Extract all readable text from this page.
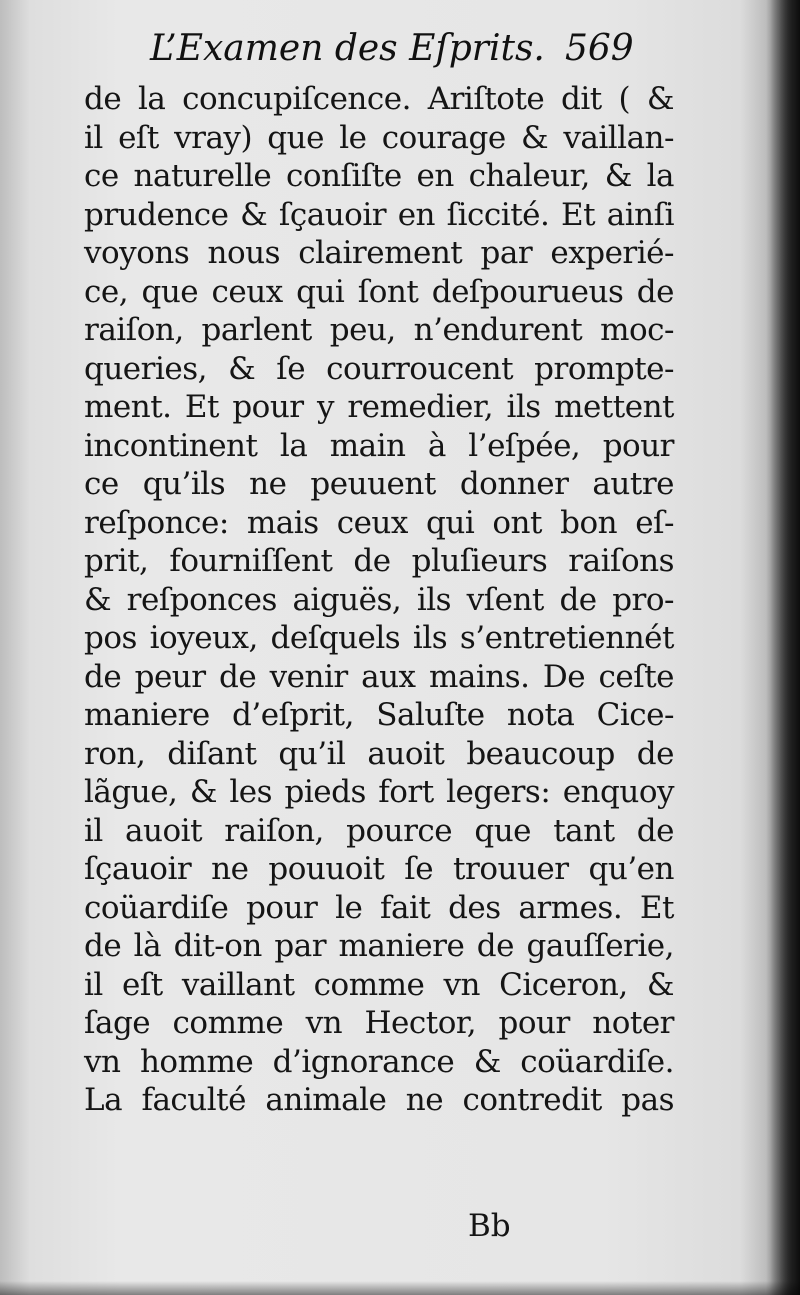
L’Examen des Eſprits. 569
de la concupiſcence. Ariſtote dit ( &
il eſt vray) que le courage & vaillan-
ce naturelle conſiſte en chaleur, & la
prudence & ſçauoir en ſiccité. Et ainſi
voyons nous clairement par experié-
ce, que ceux qui ſont deſpourueus de
raiſon, parlent peu, n’endurent moc-
queries, & ſe courroucent prompte-
ment. Et pour y remedier, ils mettent
incontinent la main à l’eſpée, pour
ce qu’ils ne peuuent donner autre
reſponce: mais ceux qui ont bon eſ-
prit, fourniſſent de pluſieurs raiſons
& reſponces aiguës, ils vſent de pro-
pos ioyeux, deſquels ils s’entretiennét
de peur de venir aux mains. De ceſte
maniere d’eſprit, Saluſte nota Cice-
ron, diſant qu’il auoit beaucoup de
lãgue, & les pieds fort legers: enquoy
il auoit raiſon, pource que tant de
ſçauoir ne pouuoit ſe trouuer qu’en
coüardiſe pour le fait des armes. Et
de là dit-on par maniere de gauſſerie,
il eſt vaillant comme vn Ciceron, &
ſage comme vn Hector, pour noter
vn homme d’ignorance & coüardiſe.
La faculté animale ne contredit pas
Bb
